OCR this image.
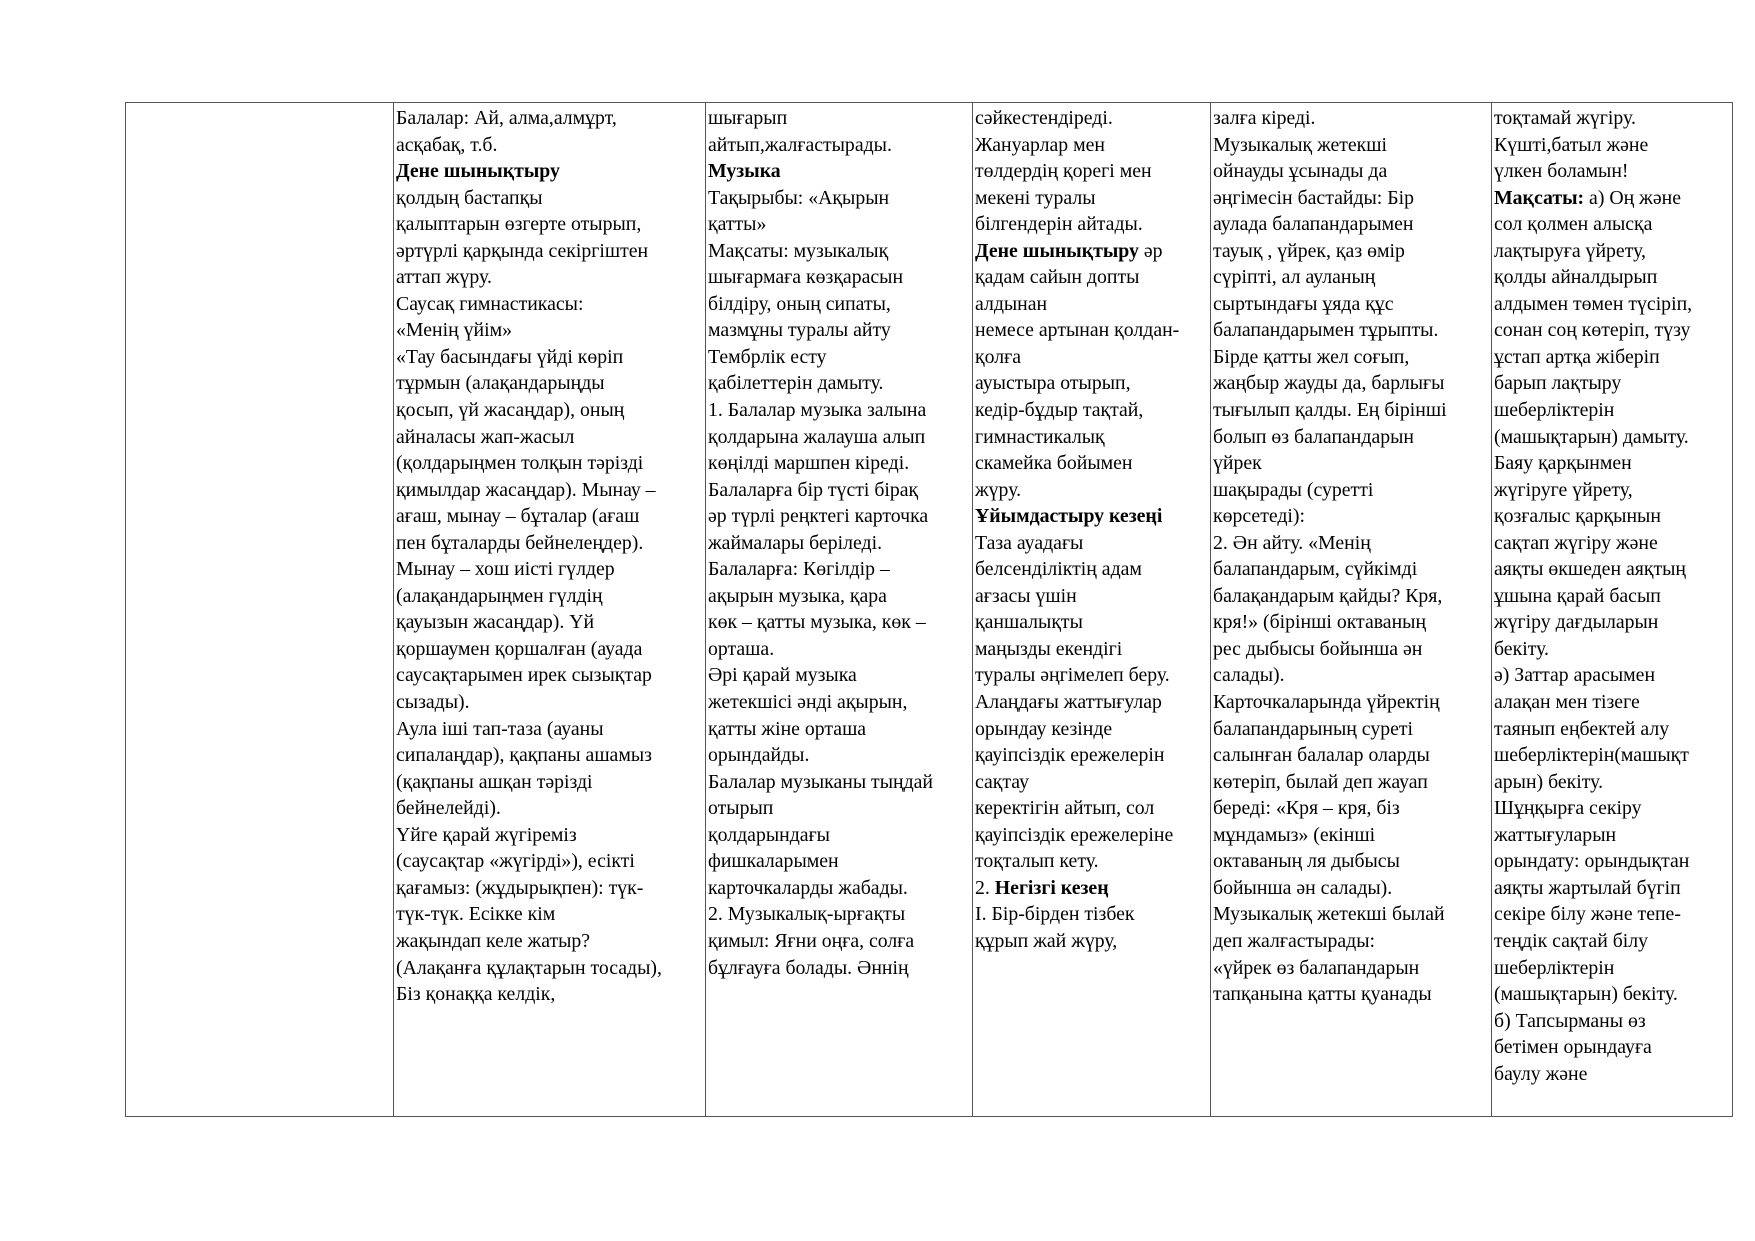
Балалар: Ай, алма,алмұрт,
асқабақ, т.б.
Дене шынықтыру
қолдың бастапқы
қалыптарын өзгерте отырып,
әртүрлі қарқында секіргіштен
аттап жүру.
Саусақ гимнастикасы:
«Менің үйім»
«Тау басындағы үйді көріп
тұрмын (алақандарыңды
қосып, үй жасаңдар), оның
айналасы жап-жасыл
(қолдарыңмен толқын тәрізді
қимылдар жасаңдар). Мынау –
ағаш, мынау – бұталар (ағаш
пен бұталарды бейнелеңдер).
Мынау – хош иісті гүлдер
(алақандарыңмен гүлдің
қауызын жасаңдар). Үй
қоршаумен қоршалған (ауада
саусақтарымен ирек сызықтар
сызады).
Аула іші тап-таза (ауаны
сипалаңдар), қақпаны ашамыз
(қақпаны ашқан тәрізді
бейнелейді).
Үйге қарай жүгіреміз
(саусақтар «жүгірді»), есікті
қағамыз: (жұдырықпен): түк-
түк-түк. Есікке кім
жақындап келе жатыр?
(Алақанға құлақтарын тосады),
Біз қонаққа келдік,
шығарып
айтып,жалғастырады.
Музыка
Тақырыбы: «Ақырын
қатты»
Мақсаты: музыкалық
шығармаға көзқарасын
білдіру, оның сипаты,
мазмұны туралы айту
Тембрлік есту
қабілеттерін дамыту.
1. Балалар музыка залына
қолдарына жалауша алып
көңілді маршпен кіреді.
Балаларға бір түсті бірақ
әр түрлі реңктегі карточка
жаймалары беріледі.
Балаларға: Көгілдір –
ақырын музыка, қара
көк – қатты музыка, көк –
орташа.
Әрі қарай музыка
жетекшісі әнді ақырын,
қатты жіне орташа
орындайды.
Балалар музыканы тыңдай
отырып
қолдарындағы
фишкаларымен
карточкаларды жабады.
2. Музыкалық-ырғақты
қимыл: Яғни оңға, солға
бұлғауға болады. Әннің
сәйкестендіреді.
Жануарлар мен
төлдердің қорегі мен
мекені туралы
білгендерін айтады.
Дене шынықтыру әр
қадам сайын допты
алдынан
немесе артынан қолдан-
қолға
ауыстыра отырып,
кедір-бұдыр тақтай,
гимнастикалық
скамейка бойымен
жүру.
Ұйымдастыру кезеңі
Таза ауадағы
белсенділіктің адам
ағзасы үшін
қаншалықты
маңызды екендігі
туралы әңгімелеп беру.
Алаңдағы жаттығулар
орындау кезінде
қауіпсіздік ережелерін
сақтау
керектігін айтып, сол
қауіпсіздік ережелеріне
тоқталып кету.
2. Негізгі кезең
І. Бір-бірден тізбек
құрып жай жүру,
залға кіреді.
Музыкалық жетекші
ойнауды ұсынады да
әңгімесін бастайды: Бір
аулада балапандарымен
тауық , үйрек, қаз өмір
сүріпті, ал ауланың
сыртындағы ұяда құс
балапандарымен тұрыпты.
Бірде қатты жел соғып,
жаңбыр жауды да, барлығы
тығылып қалды. Ең бірінші
болып өз балапандарын
үйрек
шақырады (суретті
көрсетеді):
2. Ән айту. «Менің
балапандарым, сүйкімді
балақандарым қайды? Кря,
кря!» (бірінші октаваның
рес дыбысы бойынша ән
салады).
Карточкаларында үйректің
балапандарының суреті
салынған балалар оларды
көтеріп, былай деп жауап
береді: «Кря – кря, біз
мұндамыз» (екінші
октаваның ля дыбысы
бойынша ән салады).
Музыкалық жетекші былай
деп жалғастырады:
«үйрек өз балапандарын
тапқанына қатты қуанады
тоқтамай жүгіру.
Күшті,батыл және
үлкен боламын!
Мақсаты: а) Оң және
сол қолмен алысқа
лақтыруға үйрету,
қолды айналдырып
алдымен төмен түсіріп,
сонан соң көтеріп, түзу
ұстап артқа жіберіп
барып лақтыру
шеберліктерін
(машықтарын) дамыту.
Баяу қарқынмен
жүгіруге үйрету,
қозғалыс қарқынын
сақтап жүгіру және
аяқты өкшеден аяқтың
ұшына қарай басып
жүгіру дағдыларын
бекіту.
ә) Заттар арасымен
алақан мен тізеге
таянып еңбектей алу
шеберліктерін(машықт
арын) бекіту.
Шұңқырға секіру
жаттығуларын
орындату: орындықтан
аяқты жартылай бүгіп
секіре білу және тепе-
теңдік сақтай білу
шеберліктерін
(машықтарын) бекіту.
б) Тапсырманы өз
бетімен орындауға
баулу және
